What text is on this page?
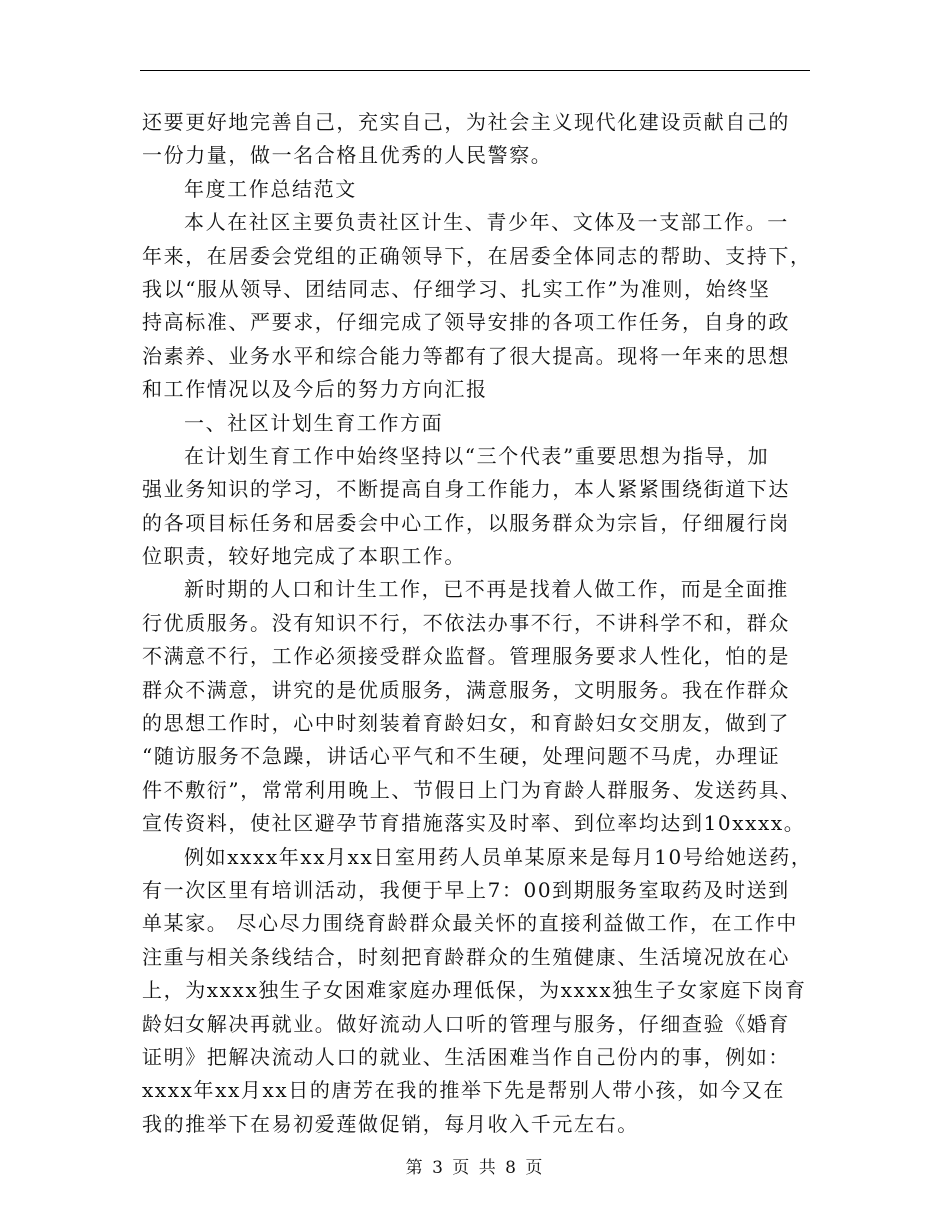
还要更好地完善自己，充实自己，为社会主义现代化建设贡献自己的
一份力量，做一名合格且优秀的人民警察。
年度工作总结范文
本人在社区主要负责社区计生、青少年、文体及一支部工作。一
年来，在居委会党组的正确领导下，在居委全体同志的帮助、支持下，
我以“服从领导、团结同志、仔细学习、扎实工作”为准则，始终坚
持高标准、严要求，仔细完成了领导安排的各项工作任务，自身的政
治素养、业务水平和综合能力等都有了很大提高。现将一年来的思想
和工作情况以及今后的努力方向汇报
一、社区计划生育工作方面
在计划生育工作中始终坚持以“三个代表”重要思想为指导，加
强业务知识的学习，不断提高自身工作能力，本人紧紧围绕街道下达
的各项目标任务和居委会中心工作，以服务群众为宗旨，仔细履行岗
位职责，较好地完成了本职工作。
新时期的人口和计生工作，已不再是找着人做工作，而是全面推
行优质服务。没有知识不行，不依法办事不行，不讲科学不和，群众
不满意不行，工作必须接受群众监督。管理服务要求人性化，怕的是
群众不满意，讲究的是优质服务，满意服务，文明服务。我在作群众
的思想工作时，心中时刻装着育龄妇女，和育龄妇女交朋友，做到了
“随访服务不急躁，讲话心平气和不生硬，处理问题不马虎，办理证
件不敷衍”，常常利用晚上、节假日上门为育龄人群服务、发送药具、
宣传资料，使社区避孕节育措施落实及时率、到位率均达到10xxxx。
例如xxxx年xx月xx日室用药人员单某原来是每月10号给她送药，
有一次区里有培训活动，我便于早上7：00到期服务室取药及时送到
单某家。 尽心尽力围绕育龄群众最关怀的直接利益做工作，在工作中
注重与相关条线结合，时刻把育龄群众的生殖健康、生活境况放在心
上，为xxxx独生子女困难家庭办理低保，为xxxx独生子女家庭下岗育
龄妇女解决再就业。做好流动人口听的管理与服务，仔细查验《婚育
证明》把解决流动人口的就业、生活困难当作自己份内的事，例如：
xxxx年xx月xx日的唐芳在我的推举下先是帮别人带小孩，如今又在
我的推举下在易初爱莲做促销，每月收入千元左右。
第 3 页 共 8 页
